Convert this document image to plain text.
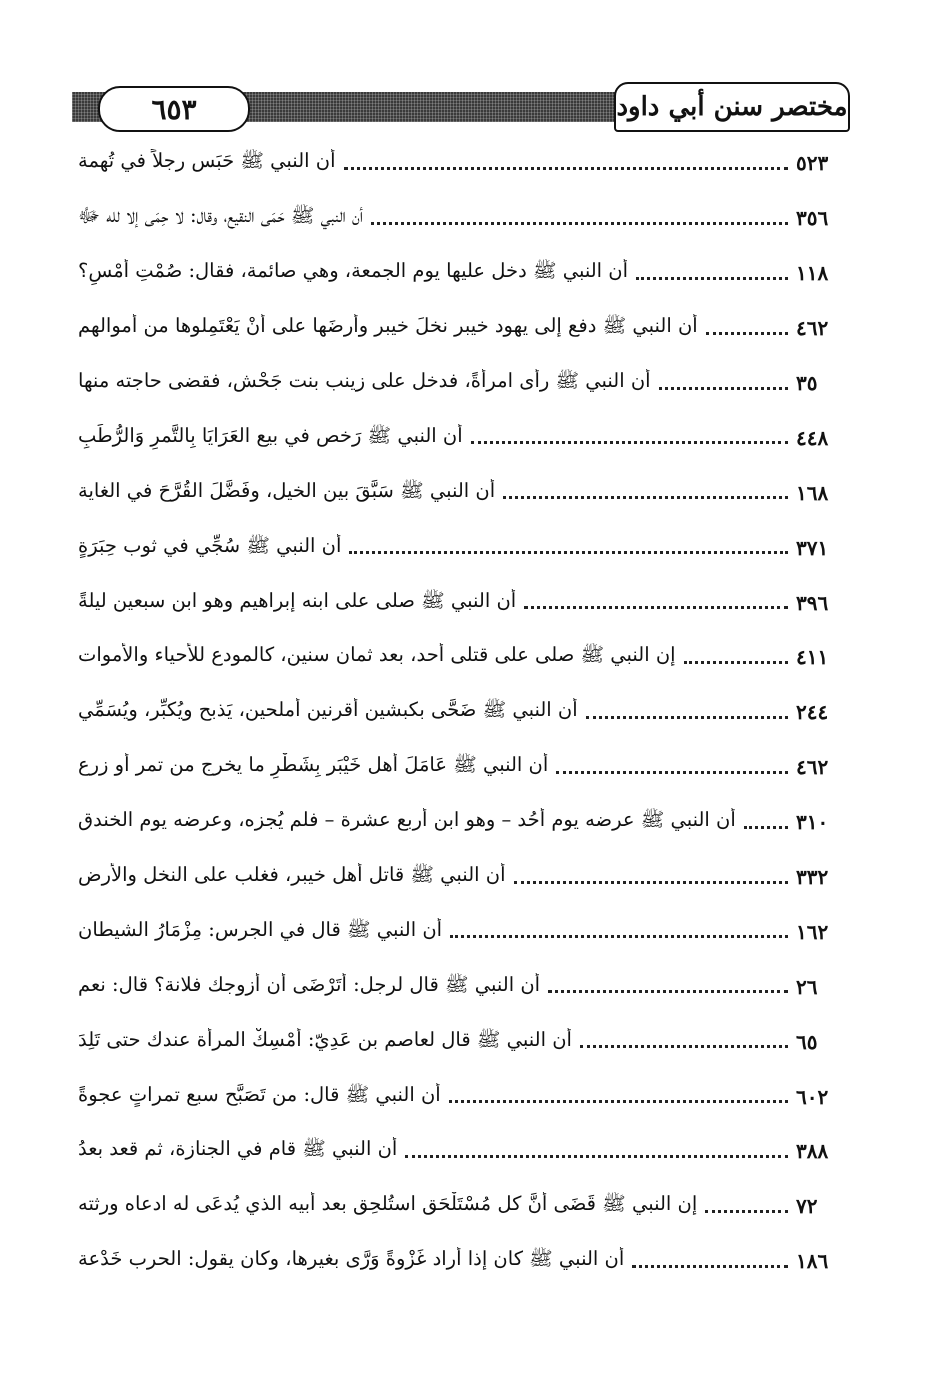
٦٥٣	مختصر سنن أبي داود
أن النبي ﷺ حَبَس رجلاً في تُهمة	٥٢٣
أن النبي ﷺ حَمَى النقيع، وقال: لا حِمَى إلا لله ﷻ	٣٥٦
أن النبي ﷺ دخل عليها يوم الجمعة، وهي صائمة، فقال: صُمْتِ أمْسِ؟	١١٨
أن النبي ﷺ دفع إلى يهود خيبر نخلَ خيبر وأرضَها على أنْ يَعْتَمِلوها من أموالهم	٤٦٢
أن النبي ﷺ رأى امرأةً، فدخل على زينب بنت جَحْش، فقضى حاجته منها	٣٥
أن النبي ﷺ رَخص في بيع العَرَايَا بِالتَّمرِ وَالرُّطَبِ	٤٤٨
أن النبي ﷺ سَبَّقَ بين الخيل، وفَضَّلَ القُرَّحَ في الغاية	١٦٨
أن النبي ﷺ سُجِّي في ثوب حِبَرَةٍ	٣٧١
أن النبي ﷺ صلى على ابنه إبراهيم وهو ابن سبعين ليلةً	٣٩٦
إن النبي ﷺ صلى على قتلى أُحد، بعد ثمان سنين، كالمودع للأحياء والأموات	٤١١
أن النبي ﷺ ضَحَّى بكبشين أقرنين أملحين، يَذبح ويُكبِّر، ويُسَمِّي	٢٤٤
أن النبي ﷺ عَامَلَ أهل خَيْبَر بِشَطْرِ ما يخرج من تمر أو زرع	٤٦٢
أن النبي ﷺ عرضه يوم أُحُد – وهو ابن أربع عشرة – فلم يُجزه، وعرضه يوم الخندق	٣١٠
أن النبي ﷺ قاتل أهل خيبر، فغلب على النخل والأرض	٣٣٢
أن النبي ﷺ قال في الجرس: مِزْمَارُ الشيطان	١٦٢
أن النبي ﷺ قال لرجل: أتَرْضَى أن أُزوجك فلانة؟ قال: نعم	٢٦
أن النبي ﷺ قال لعاصم بن عَدِيّ: أمْسِكْ المرأة عندك حتى تَلِدَ	٦٥
أن النبي ﷺ قال: من تَصَبَّح سبع تمراتٍ عجوةً	٦٠٢
أن النبي ﷺ قام في الجنازة، ثم قعد بعدُ	٣٨٨
إن النبي ﷺ قَضَى أنَّ كل مُسْتَلْحَق استُلحِق بعد أبيه الذي يُدعَى له ادعاه ورثته	٧٢
أن النبي ﷺ كان إذا أراد غَزْوةً وَرَّى بغيرها، وكان يقول: الحرب خَدْعة	١٨٦
